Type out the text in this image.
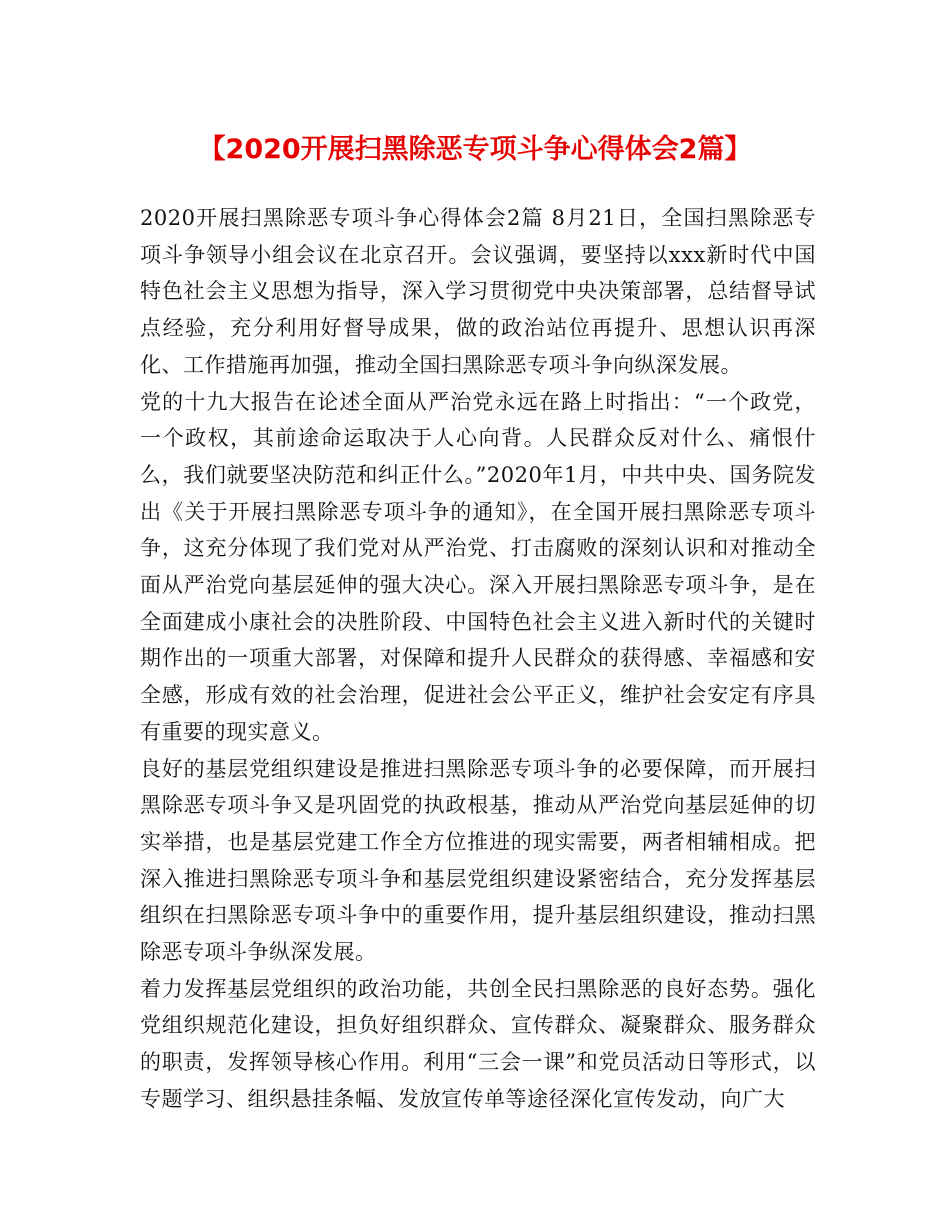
【2020开展扫黑除恶专项斗争心得体会2篇】

2020开展扫黑除恶专项斗争心得体会2篇 8月21日，全国扫黑除恶专项斗争领导小组会议在北京召开。会议强调，要坚持以xxx新时代中国特色社会主义思想为指导，深入学习贯彻党中央决策部署，总结督导试点经验，充分利用好督导成果，做的政治站位再提升、思想认识再深化、工作措施再加强，推动全国扫黑除恶专项斗争向纵深发展。

党的十九大报告在论述全面从严治党永远在路上时指出：“一个政党，一个政权，其前途命运取决于人心向背。人民群众反对什么、痛恨什么，我们就要坚决防范和纠正什么。”2020年1月，中共中央、国务院发出《关于开展扫黑除恶专项斗争的通知》，在全国开展扫黑除恶专项斗争，这充分体现了我们党对从严治党、打击腐败的深刻认识和对推动全面从严治党向基层延伸的强大决心。深入开展扫黑除恶专项斗争，是在全面建成小康社会的决胜阶段、中国特色社会主义进入新时代的关键时期作出的一项重大部署，对保障和提升人民群众的获得感、幸福感和安全感，形成有效的社会治理，促进社会公平正义，维护社会安定有序具有重要的现实意义。

良好的基层党组织建设是推进扫黑除恶专项斗争的必要保障，而开展扫黑除恶专项斗争又是巩固党的执政根基，推动从严治党向基层延伸的切实举措，也是基层党建工作全方位推进的现实需要，两者相辅相成。把深入推进扫黑除恶专项斗争和基层党组织建设紧密结合，充分发挥基层组织在扫黑除恶专项斗争中的重要作用，提升基层组织建设，推动扫黑除恶专项斗争纵深发展。

着力发挥基层党组织的政治功能，共创全民扫黑除恶的良好态势。强化党组织规范化建设，担负好组织群众、宣传群众、凝聚群众、服务群众的职责，发挥领导核心作用。利用“三会一课”和党员活动日等形式，以专题学习、组织悬挂条幅、发放宣传单等途径深化宣传发动，向广大
